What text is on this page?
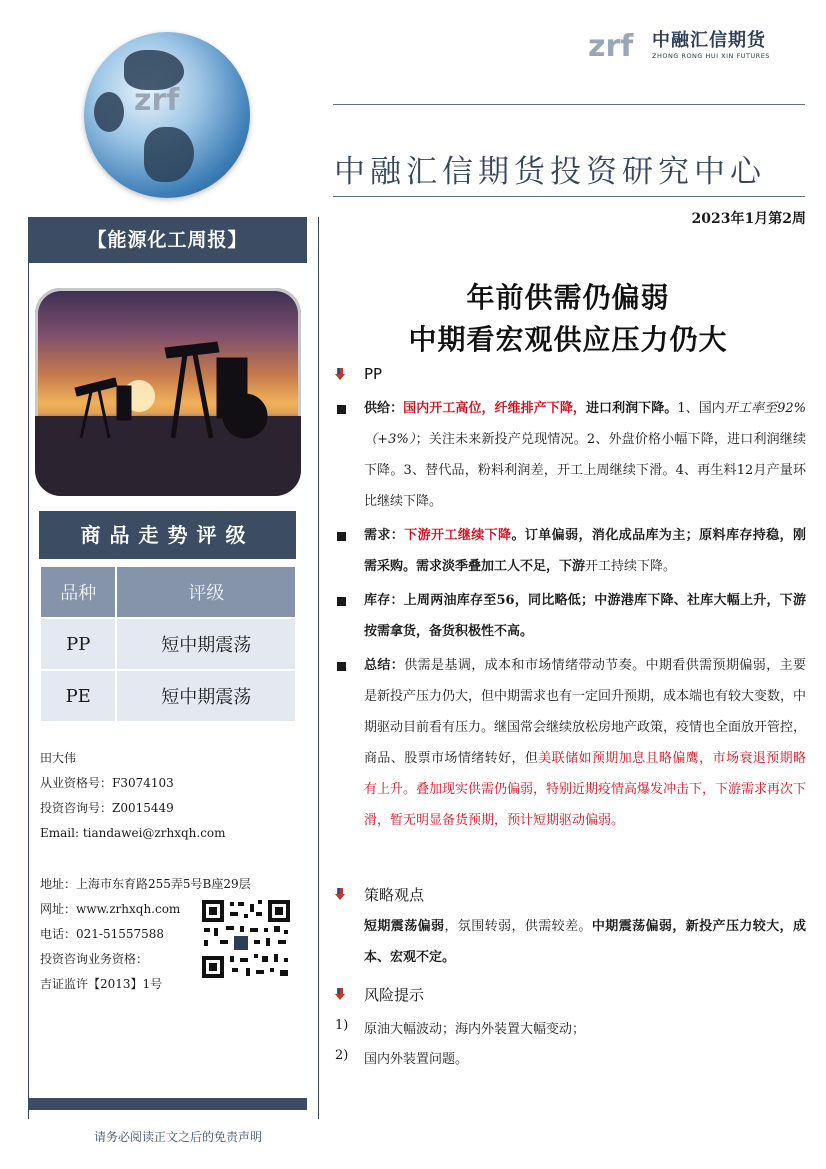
zrf
zrf 中融汇信期货
ZHONG RONG HUI XIN FUTURES
中融汇信期货投资研究中心
2023年1月第2周
【能源化工周报】
商品走势评级
品种	评级
PP	短中期震荡
PE	短中期震荡
田大伟
从业资格号：F3074103
投资咨询号：Z0015449
Email: tiandawei@zrhxqh.com
地址：上海市东育路255弄5号B座29层
网址：www.zrhxqh.com
电话：021-51557588
投资咨询业务资格：
吉证监许【2013】1号
请务必阅读正文之后的免责声明
年前供需仍偏弱
中期看宏观供应压力仍大
PP
供给：国内开工高位，纤维排产下降，进口利润下降。1、国内开工率至92%（+3%）；关注未来新投产兑现情况。2、外盘价格小幅下降，进口利润继续下降。3、替代品，粉料利润差，开工上周继续下滑。4、再生料12月产量环比继续下降。
需求：下游开工继续下降。订单偏弱，消化成品库为主；原料库存持稳，刚需采购。需求淡季叠加工人不足，下游开工持续下降。
库存：上周两油库存至56，同比略低；中游港库下降、社库大幅上升，下游按需拿货，备货积极性不高。
总结：供需是基调，成本和市场情绪带动节奏。中期看供需预期偏弱，主要是新投产压力仍大，但中期需求也有一定回升预期，成本端也有较大变数，中期驱动目前看有压力。继国常会继续放松房地产政策，疫情也全面放开管控，商品、股票市场情绪转好，但美联储如预期加息且略偏鹰，市场衰退预期略有上升。叠加现实供需仍偏弱，特别近期疫情高爆发冲击下，下游需求再次下滑，暂无明显备货预期，预计短期驱动偏弱。
策略观点
短期震荡偏弱，氛围转弱，供需较差。中期震荡偏弱，新投产压力较大，成本、宏观不定。
风险提示
1) 原油大幅波动；海内外装置大幅变动；
2) 国内外装置问题。
